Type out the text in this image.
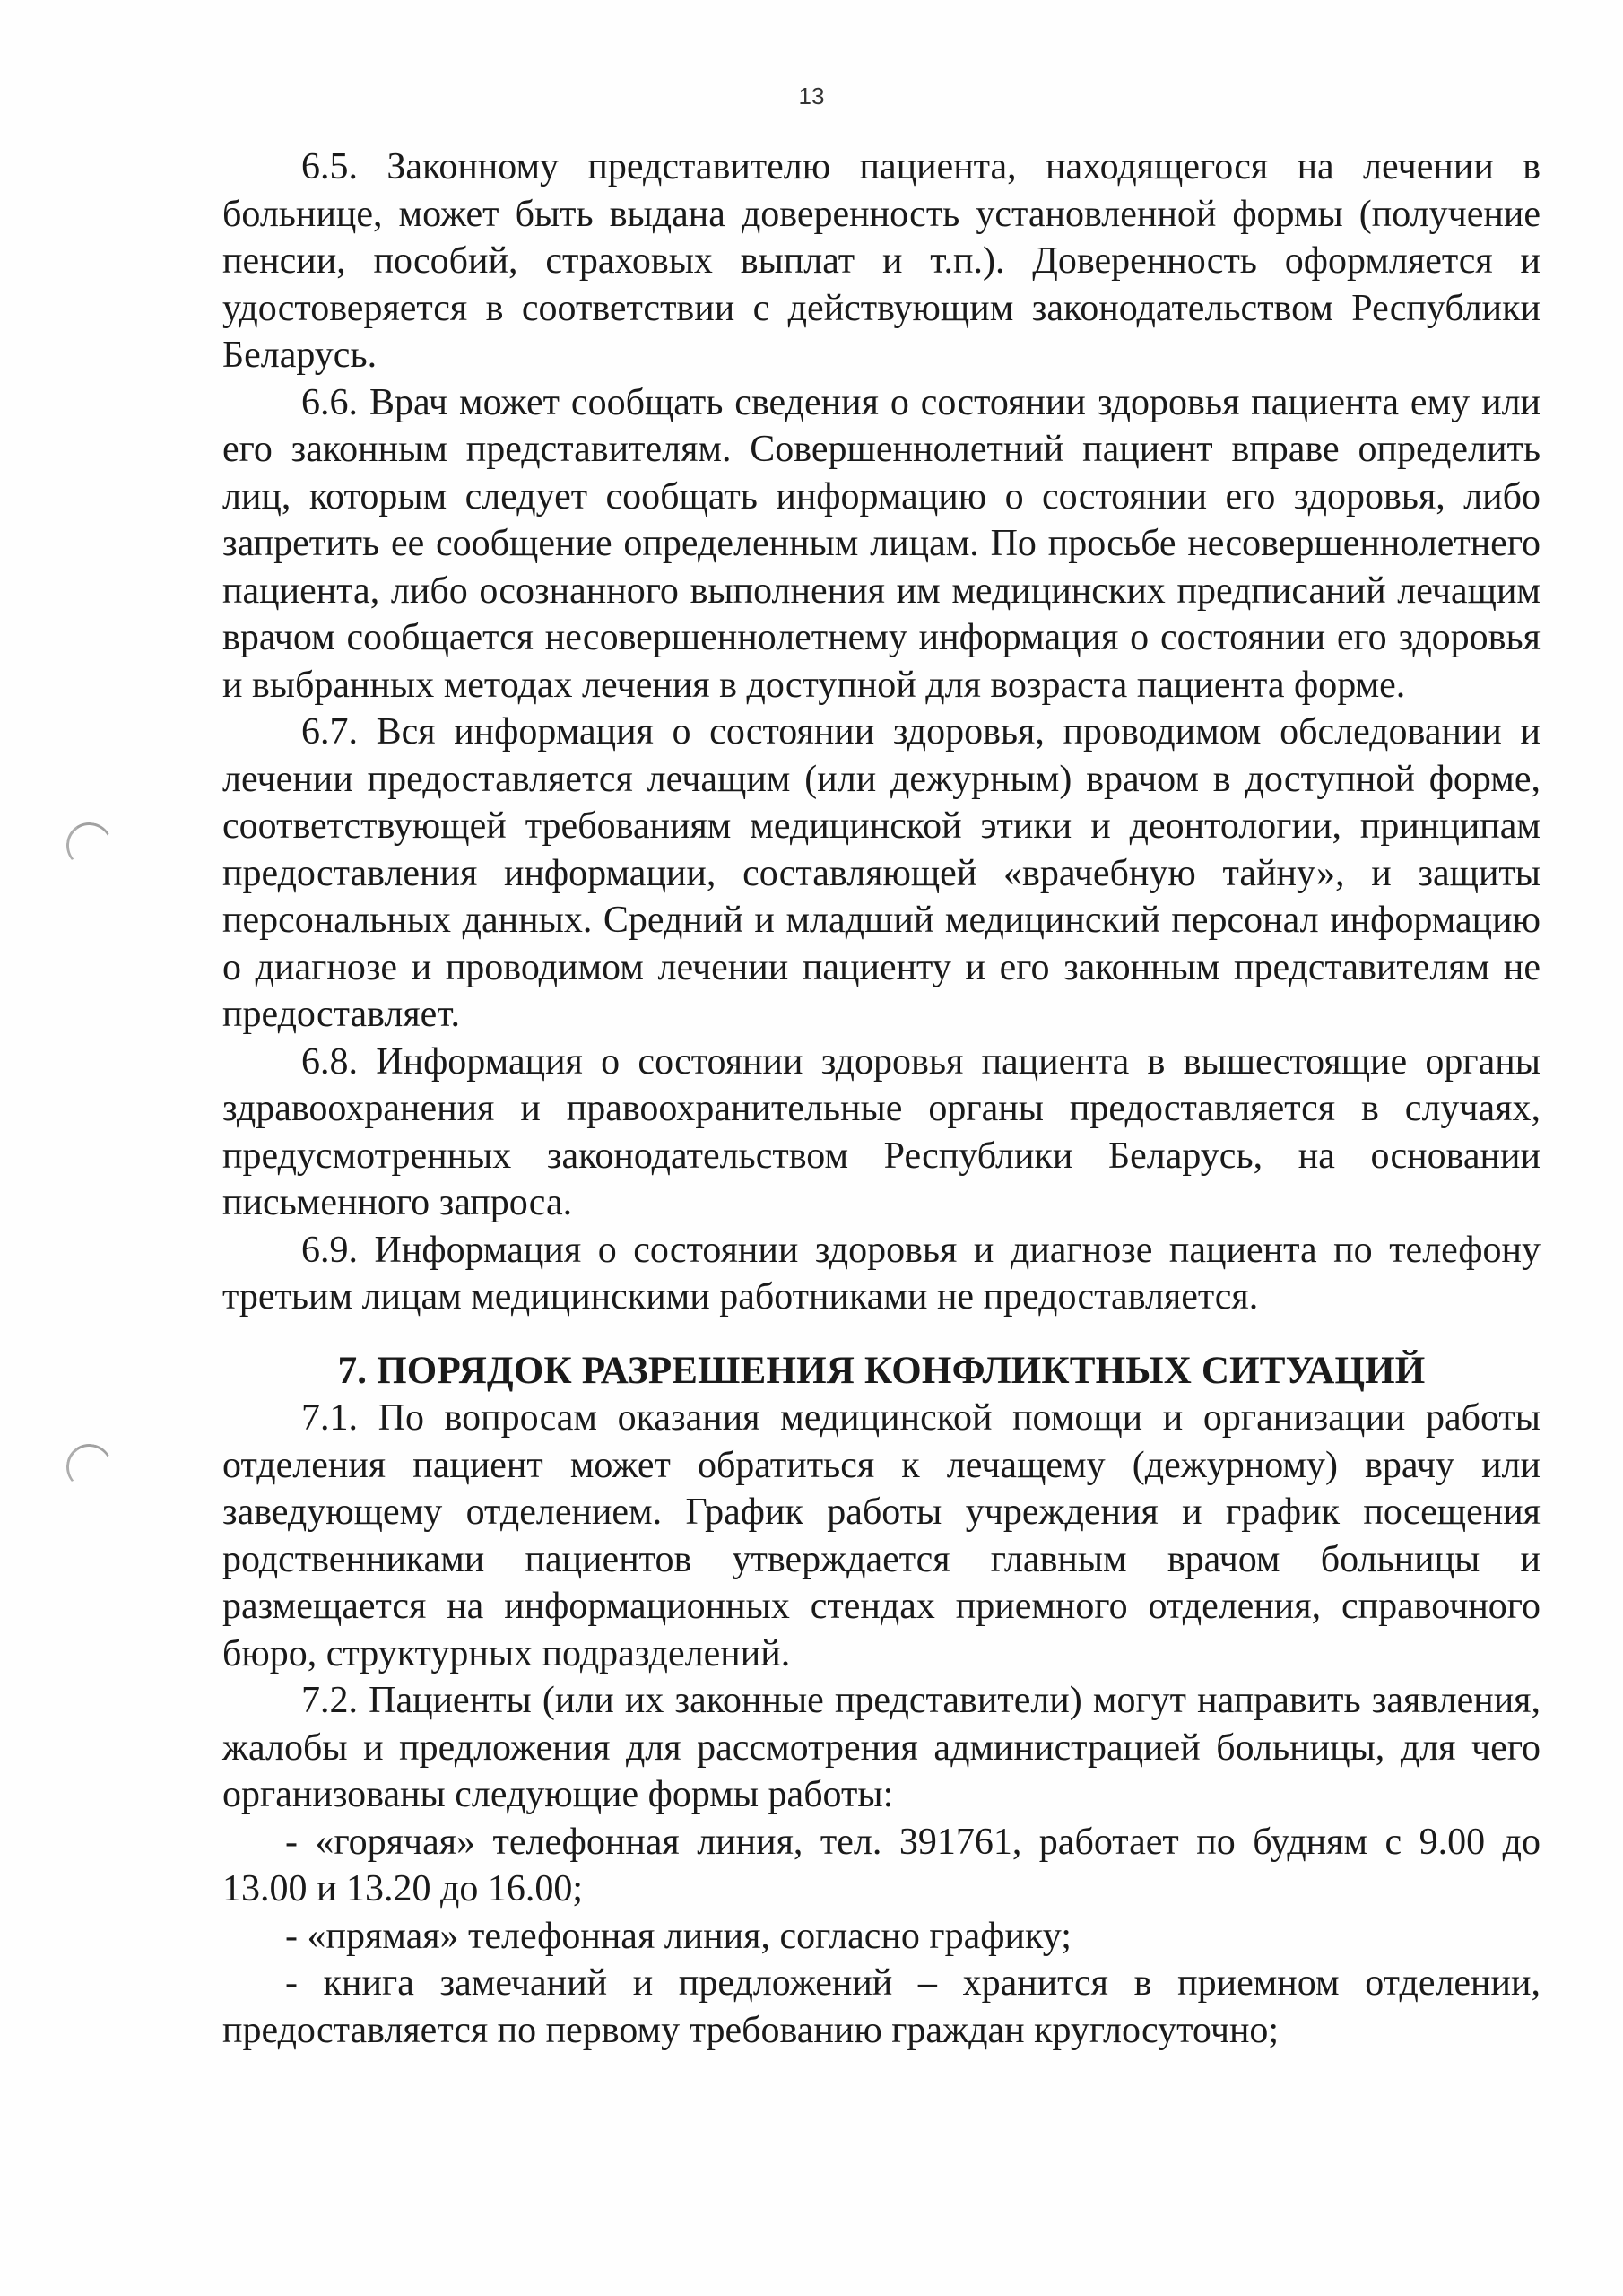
13

6.5. Законному представителю пациента, находящегося на лечении в больнице, может быть выдана доверенность установленной формы (получение пенсии, пособий, страховых выплат и т.п.). Доверенность оформляется и удостоверяется в соответствии с действующим законодательством Республики Беларусь.

6.6. Врач может сообщать сведения о состоянии здоровья пациента ему или его законным представителям. Совершеннолетний пациент вправе определить лиц, которым следует сообщать информацию о состоянии его здоровья, либо запретить ее сообщение определенным лицам. По просьбе несовершеннолетнего пациента, либо осознанного выполнения им медицинских предписаний лечащим врачом сообщается несовершеннолетнему информация о состоянии его здоровья и выбранных методах лечения в доступной для возраста пациента форме.

6.7. Вся информация о состоянии здоровья, проводимом обследовании и лечении предоставляется лечащим (или дежурным) врачом в доступной форме, соответствующей требованиям медицинской этики и деонтологии, принципам предоставления информации, составляющей «врачебную тайну», и защиты персональных данных. Средний и младший медицинский персонал информацию о диагнозе и проводимом лечении пациенту и его законным представителям не предоставляет.

6.8. Информация о состоянии здоровья пациента в вышестоящие органы здравоохранения и правоохранительные органы предоставляется в случаях, предусмотренных законодательством Республики Беларусь, на основании письменного запроса.

6.9. Информация о состоянии здоровья и диагнозе пациента по телефону третьим лицам медицинскими работниками не предоставляется.

7. ПОРЯДОК РАЗРЕШЕНИЯ КОНФЛИКТНЫХ СИТУАЦИЙ

7.1. По вопросам оказания медицинской помощи и организации работы отделения пациент может обратиться к лечащему (дежурному) врачу или заведующему отделением. График работы учреждения и график посещения родственниками пациентов утверждается главным врачом больницы и размещается на информационных стендах приемного отделения, справочного бюро, структурных подразделений.

7.2. Пациенты (или их законные представители) могут направить заявления, жалобы и предложения для рассмотрения администрацией больницы, для чего организованы следующие формы работы:

- «горячая» телефонная линия, тел. 391761, работает по будням с 9.00 до 13.00 и 13.20 до 16.00;

- «прямая» телефонная линия, согласно графику;

- книга замечаний и предложений – хранится в приемном отделении, предоставляется по первому требованию граждан круглосуточно;
